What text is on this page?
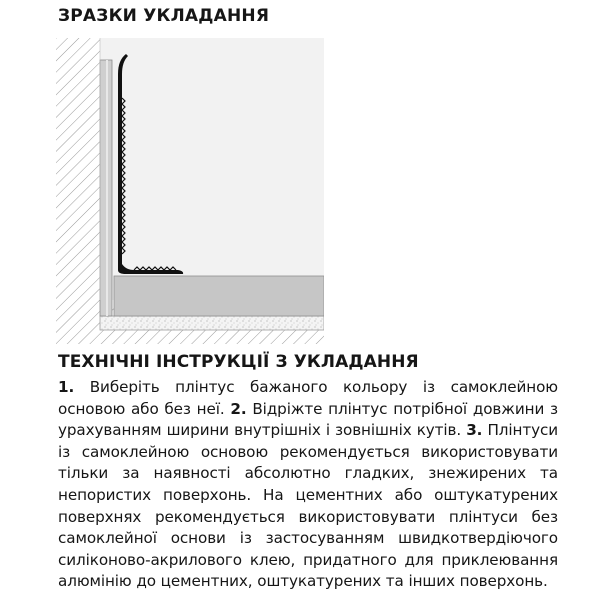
ЗРАЗКИ УКЛАДАННЯ
ТЕХНІЧНІ ІНСТРУКЦІЇ З УКЛАДАННЯ

1. Виберіть плінтус бажаного кольору із самоклейною основою або без неї. 2. Відріжте плінтус потрібної довжини з урахуванням ширини внутрішніх і зовнішніх кутів. 3. Плінтуси із самоклейною основою рекомендується використовувати тільки за наявності абсолютно гладких, знежирених та непористих поверхонь. На цементних або оштукатурених поверхнях рекомендується використовувати плінтуси без самоклейної основи із застосуванням швидкотвердіючого силіконово-акрилового клею, придатного для приклеювання алюмінію до цементних, оштукатурених та інших поверхонь.
